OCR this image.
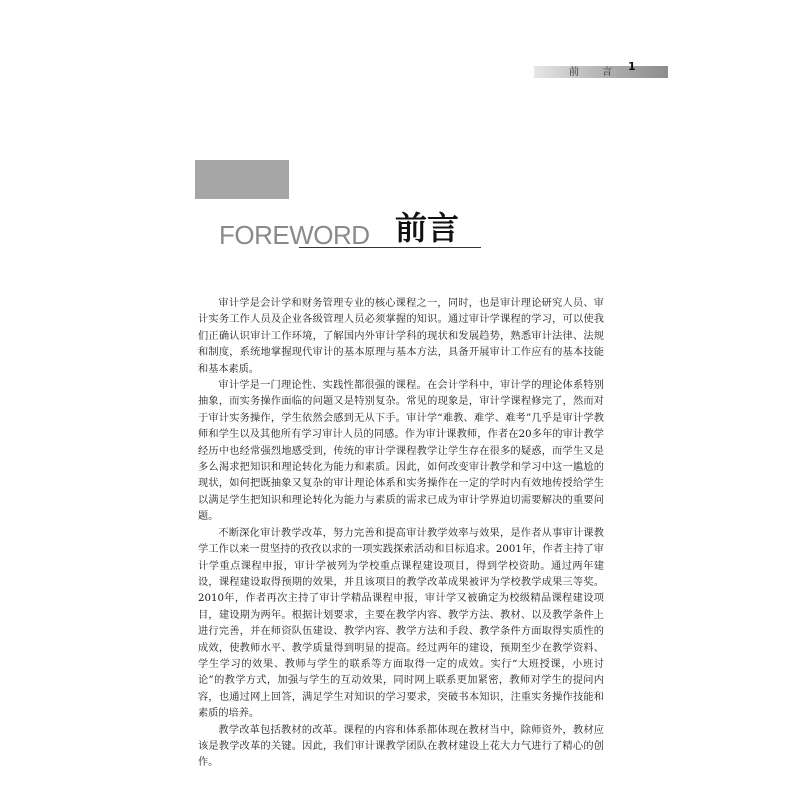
前 言 1
FOREWORD 前言

审计学是会计学和财务管理专业的核心课程之一，同时，也是审计理论研究人员、审计实务工作人员及企业各级管理人员必须掌握的知识。通过审计学课程的学习，可以使我们正确认识审计工作环境，了解国内外审计学科的现状和发展趋势，熟悉审计法律、法规和制度，系统地掌握现代审计的基本原理与基本方法，具备开展审计工作应有的基本技能和基本素质。

审计学是一门理论性、实践性都很强的课程。在会计学科中，审计学的理论体系特别抽象，而实务操作面临的问题又是特别复杂。常见的现象是，审计学课程修完了，然而对于审计实务操作，学生依然会感到无从下手。审计学“难教、难学、难考”几乎是审计学教师和学生以及其他所有学习审计人员的同感。作为审计课教师，作者在20多年的审计教学经历中也经常强烈地感受到，传统的审计学课程教学让学生存在很多的疑惑，而学生又是多么渴求把知识和理论转化为能力和素质。因此，如何改变审计教学和学习中这一尴尬的现状，如何把既抽象又复杂的审计理论体系和实务操作在一定的学时内有效地传授给学生以满足学生把知识和理论转化为能力与素质的需求已成为审计学界迫切需要解决的重要问题。

不断深化审计教学改革，努力完善和提高审计教学效率与效果，是作者从事审计课教学工作以来一贯坚持的孜孜以求的一项实践探索活动和目标追求。2001年，作者主持了审计学重点课程申报，审计学被列为学校重点课程建设项目，得到学校资助。通过两年建设，课程建设取得预期的效果，并且该项目的教学改革成果被评为学校教学成果三等奖。2010年，作者再次主持了审计学精品课程申报，审计学又被确定为校级精品课程建设项目，建设期为两年。根据计划要求，主要在教学内容、教学方法、教材、以及教学条件上进行完善，并在师资队伍建设、教学内容、教学方法和手段、教学条件方面取得实质性的成效，使教师水平、教学质量得到明显的提高。经过两年的建设，预期至少在教学资料、学生学习的效果、教师与学生的联系等方面取得一定的成效。实行“大班授课，小班讨论”的教学方式，加强与学生的互动效果，同时网上联系更加紧密，教师对学生的提问内容，也通过网上回答，满足学生对知识的学习要求，突破书本知识，注重实务操作技能和素质的培养。

教学改革包括教材的改革。课程的内容和体系都体现在教材当中，除师资外，教材应该是教学改革的关键。因此，我们审计课教学团队在教材建设上花大力气进行了精心的创作。
